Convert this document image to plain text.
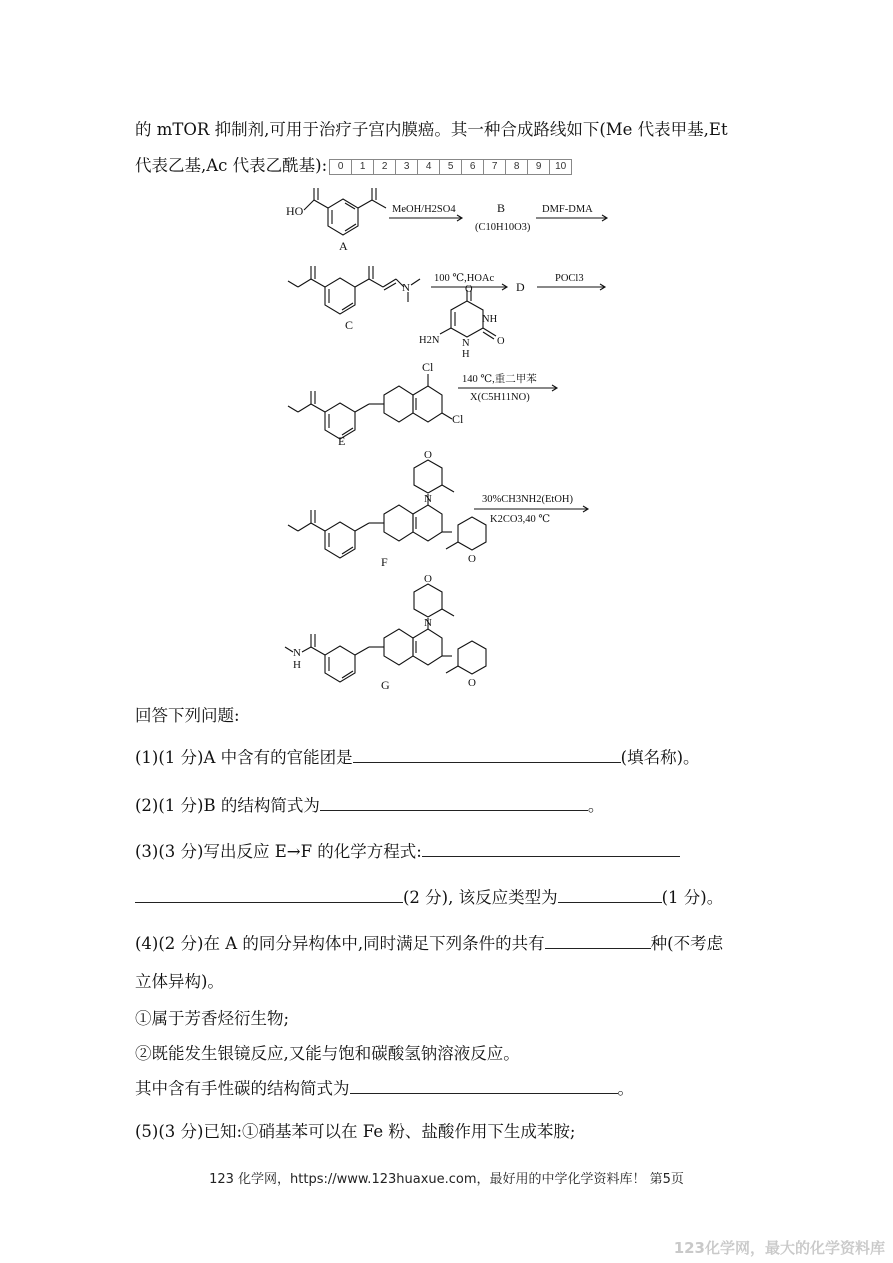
的 mTOR 抑制剂,可用于治疗子宫内膜癌。其一种合成路线如下(Me 代表甲基,Et
代表乙基,Ac 代表乙酰基):	0	1	2	3	4	5	6	7	8	9	10
HO
A
MeOH/H2SO4	B
(C10H10O3)
DMF-DMA
N
C
100 ℃,HOAc
D
POCl3
O
NH
O
N
H
H2N
Cl
Cl
E
140 ℃,重二甲苯
X(C5H11NO)
O
N
O
F
30%CH3NH2(EtOH)
K2CO3,40 ℃
O
N
O
N
H
G
回答下列问题:
(1)(1 分)A 中含有的官能团是	(填名称)。
(2)(1 分)B 的结构简式为	。
(3)(3 分)写出反应 E→F 的化学方程式:
(2 分), 该反应类型为	(1 分)。
(4)(2 分)在 A 的同分异构体中,同时满足下列条件的共有	种(不考虑
立体异构)。
①属于芳香烃衍生物;
②既能发生银镜反应,又能与饱和碳酸氢钠溶液反应。
其中含有手性碳的结构简式为	。
(5)(3 分)已知:①硝基苯可以在 Fe 粉、盐酸作用下生成苯胺;
123 化学网，https://www.123huaxue.com，最好用的中学化学资料库！ 第5页
123化学网，最大的化学资料库
